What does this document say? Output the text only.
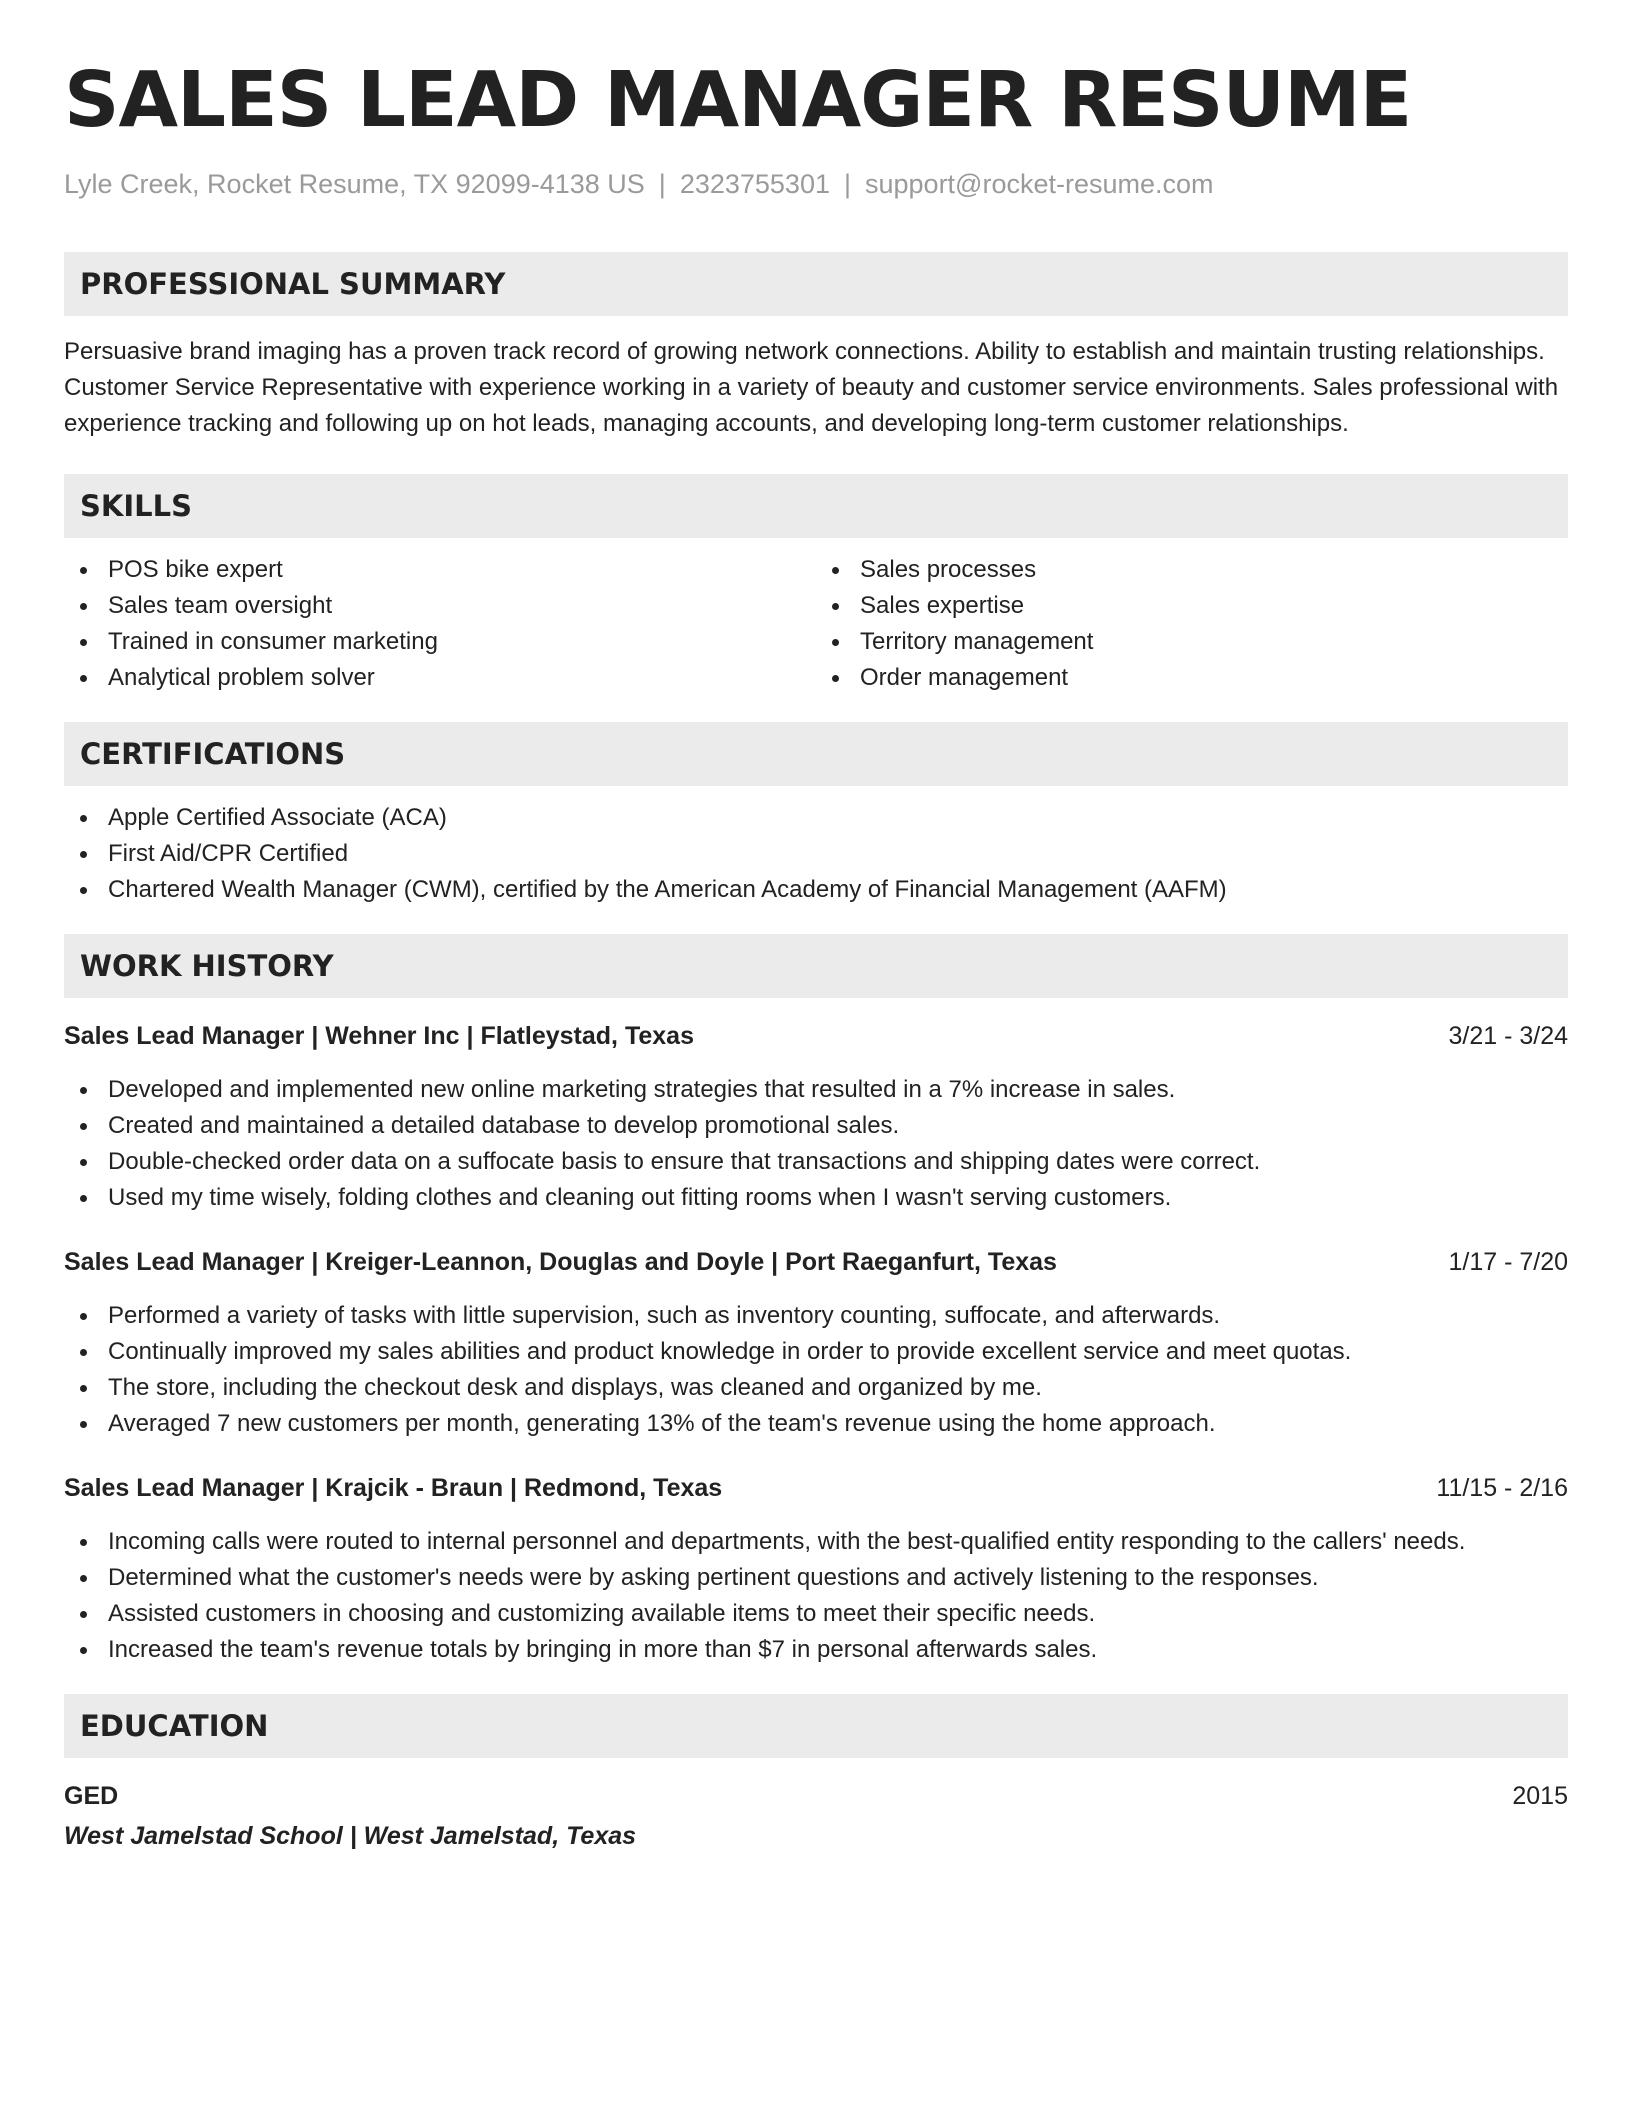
SALES LEAD MANAGER RESUME
Lyle Creek, Rocket Resume, TX 92099-4138 US | 2323755301 | support@rocket-resume.com
PROFESSIONAL SUMMARY

Persuasive brand imaging has a proven track record of growing network connections. Ability to establish and maintain trusting relationships. Customer Service Representative with experience working in a variety of beauty and customer service environments. Sales professional with experience tracking and following up on hot leads, managing accounts, and developing long-term customer relationships.

SKILLS
POS bike expert
Sales team oversight
Trained in consumer marketing
Analytical problem solver
Sales processes
Sales expertise
Territory management
Order management
CERTIFICATIONS
Apple Certified Associate (ACA)
First Aid/CPR Certified
Chartered Wealth Manager (CWM), certified by the American Academy of Financial Management (AAFM)
WORK HISTORY
Sales Lead Manager | Wehner Inc | Flatleystad, Texas	3/21 - 3/24
Developed and implemented new online marketing strategies that resulted in a 7% increase in sales.
Created and maintained a detailed database to develop promotional sales.
Double-checked order data on a suffocate basis to ensure that transactions and shipping dates were correct.
Used my time wisely, folding clothes and cleaning out fitting rooms when I wasn't serving customers.
Sales Lead Manager | Kreiger-Leannon, Douglas and Doyle | Port Raeganfurt, Texas	1/17 - 7/20
Performed a variety of tasks with little supervision, such as inventory counting, suffocate, and afterwards.
Continually improved my sales abilities and product knowledge in order to provide excellent service and meet quotas.
The store, including the checkout desk and displays, was cleaned and organized by me.
Averaged 7 new customers per month, generating 13% of the team's revenue using the home approach.
Sales Lead Manager | Krajcik - Braun | Redmond, Texas	11/15 - 2/16
Incoming calls were routed to internal personnel and departments, with the best-qualified entity responding to the callers' needs.
Determined what the customer's needs were by asking pertinent questions and actively listening to the responses.
Assisted customers in choosing and customizing available items to meet their specific needs.
Increased the team's revenue totals by bringing in more than $7 in personal afterwards sales.
EDUCATION
GED	2015
West Jamelstad School | West Jamelstad, Texas
